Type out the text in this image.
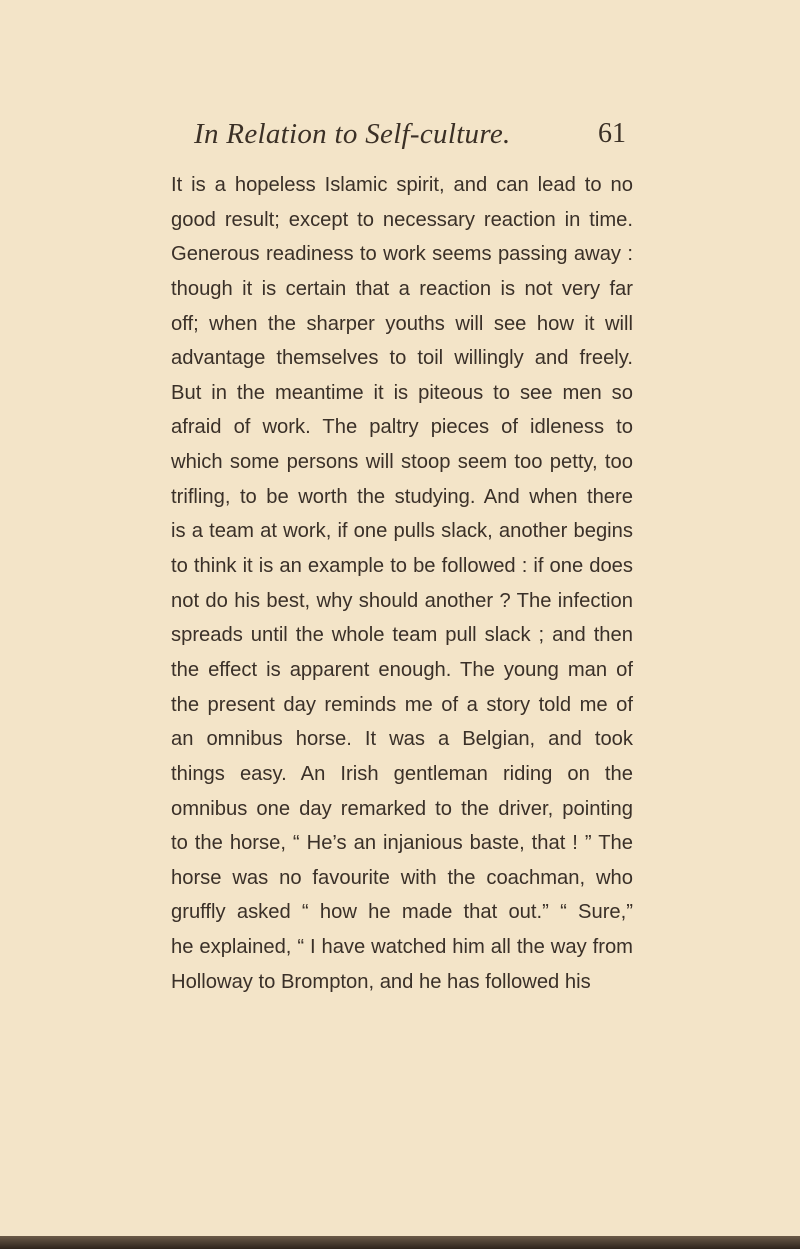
In Relation to Self-culture.	61
It is a hopeless Islamic spirit, and can lead to no
good result; except to necessary reaction in time.
Generous readiness to work seems passing away :
though it is certain that a reaction is not very far
off; when the sharper youths will see how it will
advantage themselves to toil willingly and freely.
But in the meantime it is piteous to see men so
afraid of work. The paltry pieces of idleness to
which some persons will stoop seem too petty, too
trifling, to be worth the studying. And when there
is a team at work, if one pulls slack, another begins
to think it is an example to be followed : if one does
not do his best, why should another ? The infection
spreads until the whole team pull slack ; and then
the effect is apparent enough. The young man of
the present day reminds me of a story told me of
an omnibus horse. It was a Belgian, and took
things easy. An Irish gentleman riding on the
omnibus one day remarked to the driver, pointing
to the horse, “ He’s an injanious baste, that ! ” The
horse was no favourite with the coachman, who
gruffly asked “ how he made that out.” “ Sure,”
he explained, “ I have watched him all the way from
Holloway to Brompton, and he has followed his
